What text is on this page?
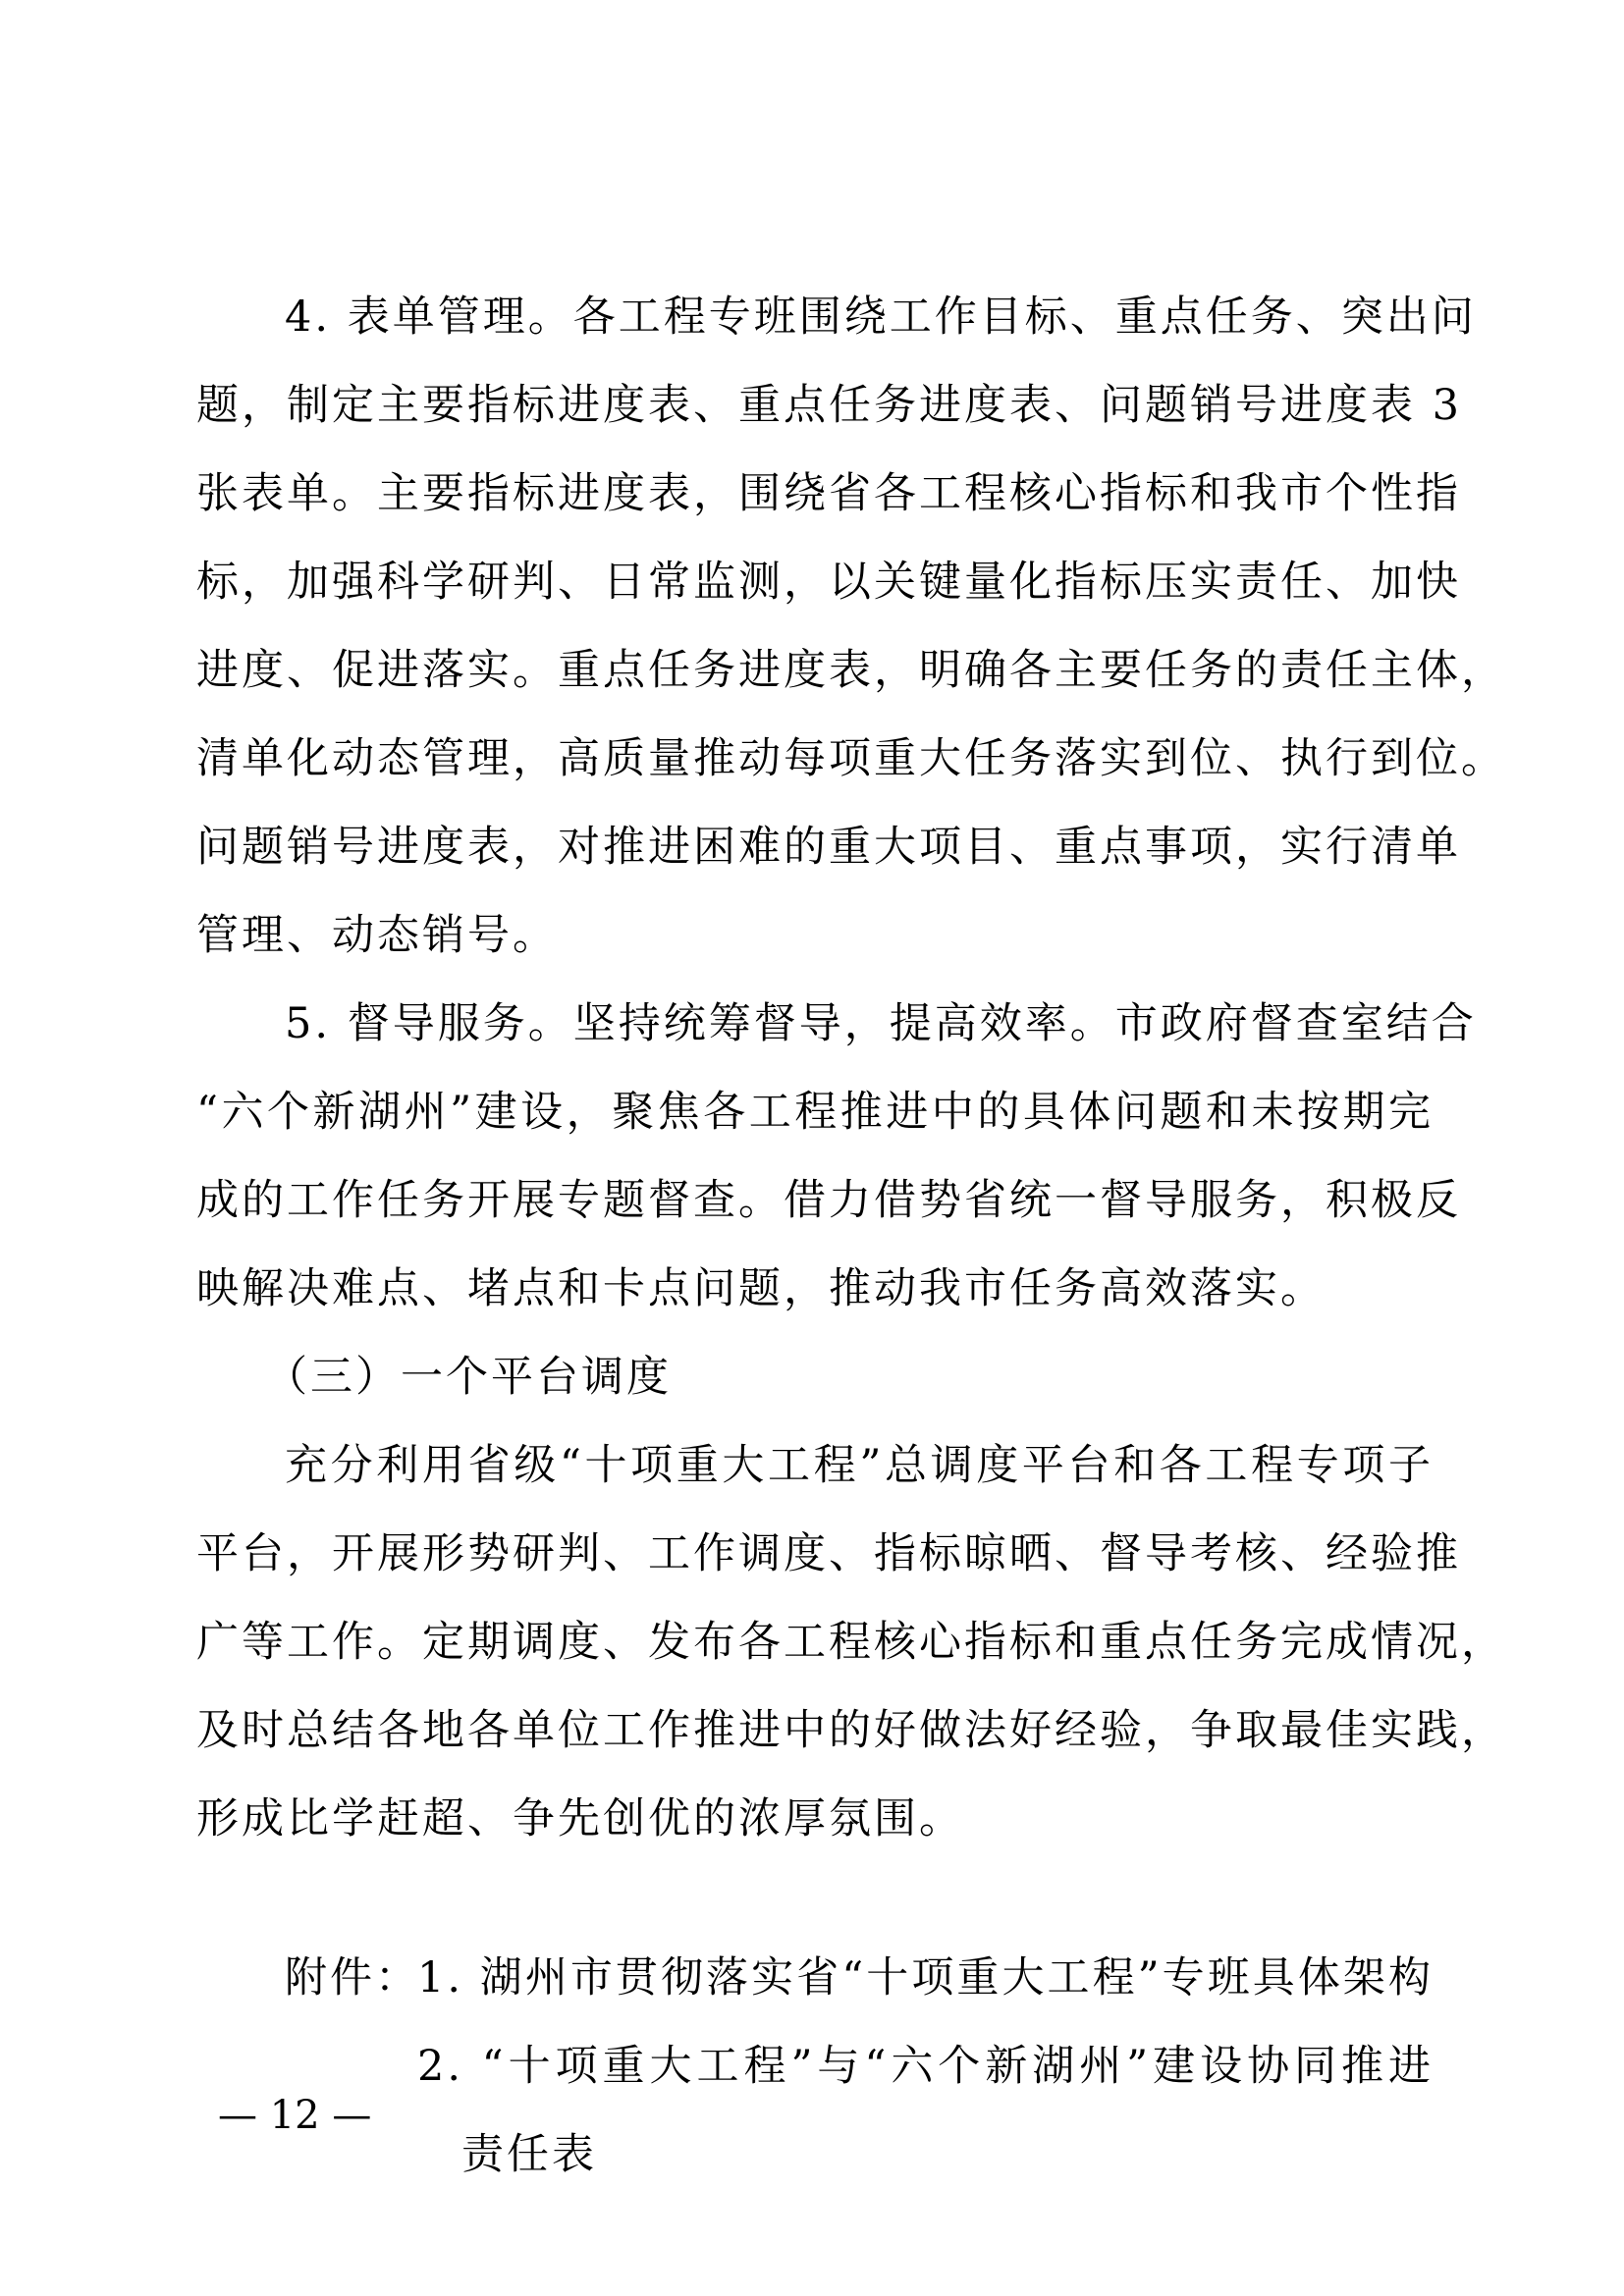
4. 表单管理。各工程专班围绕工作目标、重点任务、突出问
题，制定主要指标进度表、重点任务进度表、问题销号进度表 3
张表单。主要指标进度表，围绕省各工程核心指标和我市个性指
标，加强科学研判、日常监测，以关键量化指标压实责任、加快
进度、促进落实。重点任务进度表，明确各主要任务的责任主体，
清单化动态管理，高质量推动每项重大任务落实到位、执行到位。
问题销号进度表，对推进困难的重大项目、重点事项，实行清单
管理、动态销号。
5. 督导服务。坚持统筹督导，提高效率。市政府督查室结合
“六个新湖州”建设，聚焦各工程推进中的具体问题和未按期完
成的工作任务开展专题督查。借力借势省统一督导服务，积极反
映解决难点、堵点和卡点问题，推动我市任务高效落实。
（三）一个平台调度
充分利用省级“十项重大工程”总调度平台和各工程专项子
平台，开展形势研判、工作调度、指标晾晒、督导考核、经验推
广等工作。定期调度、发布各工程核心指标和重点任务完成情况，
及时总结各地各单位工作推进中的好做法好经验，争取最佳实践，
形成比学赶超、争先创优的浓厚氛围。
附件：
1. 湖州市贯彻落实省“十项重大工程”专班具体架构
2. “十项重大工程”与“六个新湖州”建设协同推进
责任表
— 12 —
